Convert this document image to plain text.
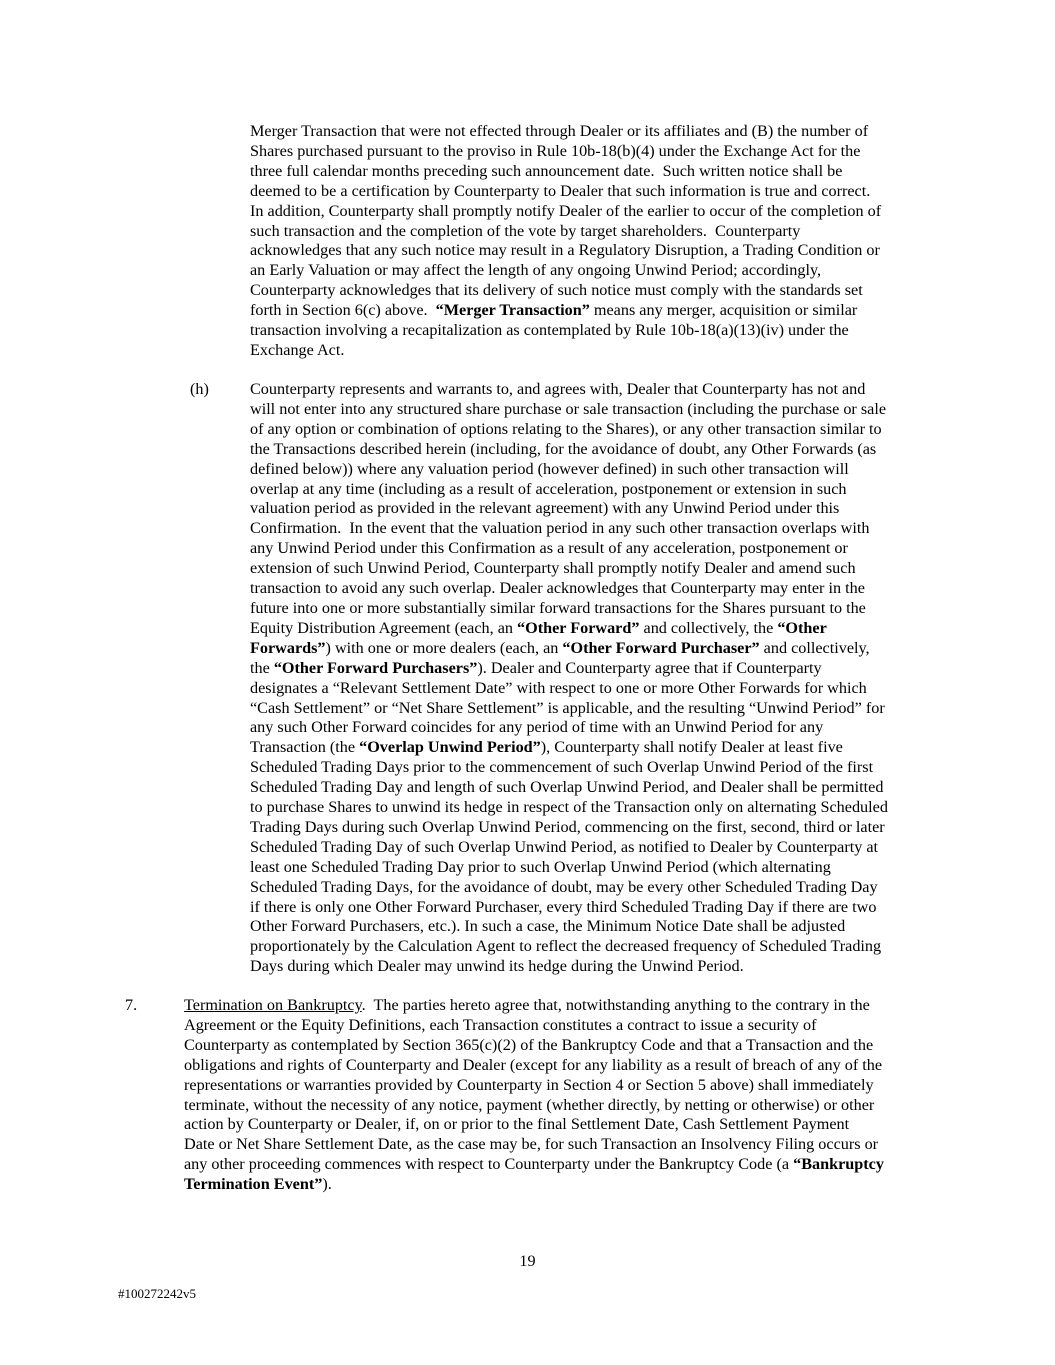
Merger Transaction that were not effected through Dealer or its affiliates and (B) the number of
Shares purchased pursuant to the proviso in Rule 10b-18(b)(4) under the Exchange Act for the
three full calendar months preceding such announcement date.  Such written notice shall be
deemed to be a certification by Counterparty to Dealer that such information is true and correct.
In addition, Counterparty shall promptly notify Dealer of the earlier to occur of the completion of
such transaction and the completion of the vote by target shareholders.  Counterparty
acknowledges that any such notice may result in a Regulatory Disruption, a Trading Condition or
an Early Valuation or may affect the length of any ongoing Unwind Period; accordingly,
Counterparty acknowledges that its delivery of such notice must comply with the standards set
forth in Section 6(c) above.  “Merger Transaction” means any merger, acquisition or similar
transaction involving a recapitalization as contemplated by Rule 10b-18(a)(13)(iv) under the
Exchange Act.
(h)	Counterparty represents and warrants to, and agrees with, Dealer that Counterparty has not and
will not enter into any structured share purchase or sale transaction (including the purchase or sale
of any option or combination of options relating to the Shares), or any other transaction similar to
the Transactions described herein (including, for the avoidance of doubt, any Other Forwards (as
defined below)) where any valuation period (however defined) in such other transaction will
overlap at any time (including as a result of acceleration, postponement or extension in such
valuation period as provided in the relevant agreement) with any Unwind Period under this
Confirmation.  In the event that the valuation period in any such other transaction overlaps with
any Unwind Period under this Confirmation as a result of any acceleration, postponement or
extension of such Unwind Period, Counterparty shall promptly notify Dealer and amend such
transaction to avoid any such overlap. Dealer acknowledges that Counterparty may enter in the
future into one or more substantially similar forward transactions for the Shares pursuant to the
Equity Distribution Agreement (each, an “Other Forward” and collectively, the “Other
Forwards”) with one or more dealers (each, an “Other Forward Purchaser” and collectively,
the “Other Forward Purchasers”). Dealer and Counterparty agree that if Counterparty
designates a “Relevant Settlement Date” with respect to one or more Other Forwards for which
“Cash Settlement” or “Net Share Settlement” is applicable, and the resulting “Unwind Period” for
any such Other Forward coincides for any period of time with an Unwind Period for any
Transaction (the “Overlap Unwind Period”), Counterparty shall notify Dealer at least five
Scheduled Trading Days prior to the commencement of such Overlap Unwind Period of the first
Scheduled Trading Day and length of such Overlap Unwind Period, and Dealer shall be permitted
to purchase Shares to unwind its hedge in respect of the Transaction only on alternating Scheduled
Trading Days during such Overlap Unwind Period, commencing on the first, second, third or later
Scheduled Trading Day of such Overlap Unwind Period, as notified to Dealer by Counterparty at
least one Scheduled Trading Day prior to such Overlap Unwind Period (which alternating
Scheduled Trading Days, for the avoidance of doubt, may be every other Scheduled Trading Day
if there is only one Other Forward Purchaser, every third Scheduled Trading Day if there are two
Other Forward Purchasers, etc.). In such a case, the Minimum Notice Date shall be adjusted
proportionately by the Calculation Agent to reflect the decreased frequency of Scheduled Trading
Days during which Dealer may unwind its hedge during the Unwind Period.
7.	Termination on Bankruptcy.  The parties hereto agree that, notwithstanding anything to the contrary in the
Agreement or the Equity Definitions, each Transaction constitutes a contract to issue a security of
Counterparty as contemplated by Section 365(c)(2) of the Bankruptcy Code and that a Transaction and the
obligations and rights of Counterparty and Dealer (except for any liability as a result of breach of any of the
representations or warranties provided by Counterparty in Section 4 or Section 5 above) shall immediately
terminate, without the necessity of any notice, payment (whether directly, by netting or otherwise) or other
action by Counterparty or Dealer, if, on or prior to the final Settlement Date, Cash Settlement Payment
Date or Net Share Settlement Date, as the case may be, for such Transaction an Insolvency Filing occurs or
any other proceeding commences with respect to Counterparty under the Bankruptcy Code (a “Bankruptcy
Termination Event”).
19
#100272242v5
